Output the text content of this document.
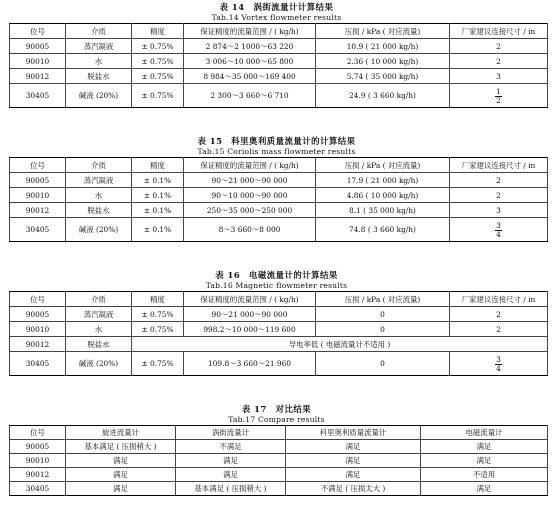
表 14　涡街流量计计算结果
Tab.14 Vortex flowmeter results
位号	介质	精度	保证精度的流量范围 / ( kg/h)	压损 / kPa ( 对应流量)	厂家建议连接尺寸 / in
90005	蒸汽凝液	± 0.75%	2 874～2 1000～63 220	10.9 ( 21 000 kg/h)	2
90010	水	± 0.75%	3 006～10 000～65 800	2.36 ( 10 000 kg/h)	2
90012	脱盐水	± 0.75%	8 984～35 000～169 400	5.74 ( 35 000 kg/h)	3
30405	碱液 (20%)	± 0.75%	2 300～3 660～6 710	24.9 ( 3 660 kg/h)	$\frac{1}{2}$
表 15　科里奥利质量流量计的计算结果
Tab.15 Coriolis mass flowmeter results
位号	介质	精度	保证精度的流量范围 / ( kg/h)	压损 / kPa ( 对应流量)	厂家建议连接尺寸 / in
90005	蒸汽凝液	± 0.1%	90～21 000～90 000	17.9 ( 21 000 kg/h)	2
90010	水	± 0.1%	90～10 000～90 000	4.86 ( 10 000 kg/h)	2
90012	脱盐水	± 0.1%	250～35 000～250 000	8.1 ( 35 000 kg/h)	3
30405	碱液 (20%)	± 0.1%	8～3 660～8 000	74.8 ( 3 660 kg/h)	$\frac{3}{4}$
表 16　电磁流量计的计算结果
Tab.16 Magnetic flowmeter results
位号	介质	精度	保证精度的流量范围 / ( kg/h)	压损 / kPa ( 对应流量)	厂家建议连接尺寸 / in
90005	蒸汽凝液	± 0.75%	90～21 000～90 000	0	2
90010	水	± 0.75%	998.2～10 000～119 600	0	2
90012	脱盐水	导电率低 ( 电磁流量计不适用 )			
30405	碱液 (20%)	± 0.75%	109.8～3 660～21 960	0	$\frac{3}{4}$
表 17　对比结果
Tab.17 Compare results
位号	旋进流量计	涡街流量计	科里奥利质量流量计	电磁流量计
90005	基本满足 ( 压损稍大 )	不满足	满足	满足
90010	满足	满足	满足	满足
90012	满足	满足	满足	不适用
30405	满足	基本满足 ( 压损稍大 )	不满足 ( 压损太大 )	满足
